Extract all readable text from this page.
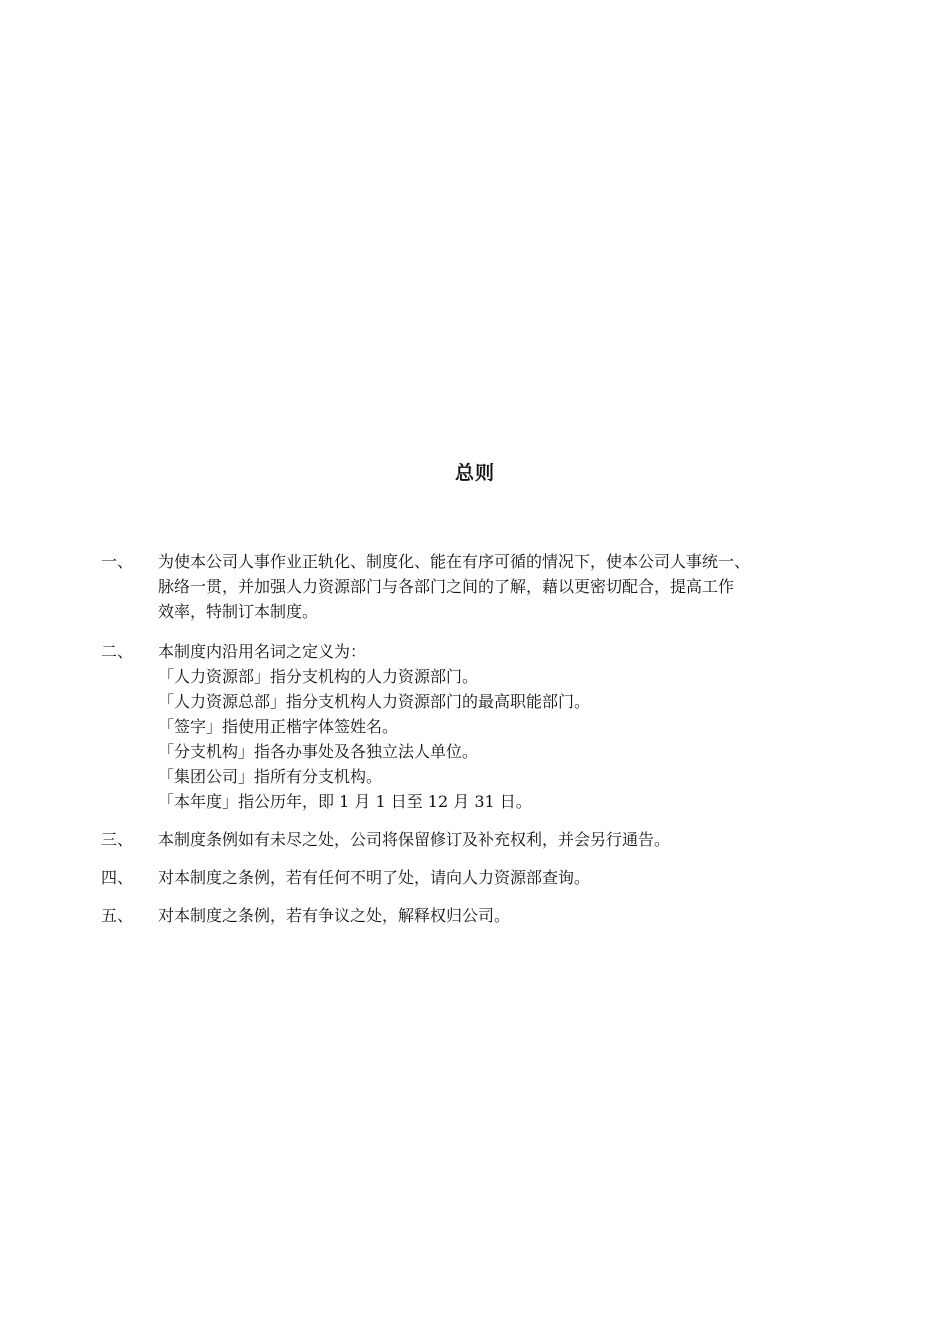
总则
一、	为使本公司人事作业正轨化、制度化、能在有序可循的情况下，使本公司人事统一、
脉络一贯，并加强人力资源部门与各部门之间的了解，藉以更密切配合，提高工作
效率，特制订本制度。
二、	本制度内沿用名词之定义为：
「人力资源部」指分支机构的人力资源部门。
「人力资源总部」指分支机构人力资源部门的最高职能部门。
「签字」指使用正楷字体签姓名。
「分支机构」指各办事处及各独立法人单位。
「集团公司」指所有分支机构。
「本年度」指公历年，即 1 月 1 日至 12 月 31 日。
三、	本制度条例如有未尽之处，公司将保留修订及补充权利，并会另行通告。
四、	对本制度之条例，若有任何不明了处，请向人力资源部查询。
五、	对本制度之条例，若有争议之处，解释权归公司。
